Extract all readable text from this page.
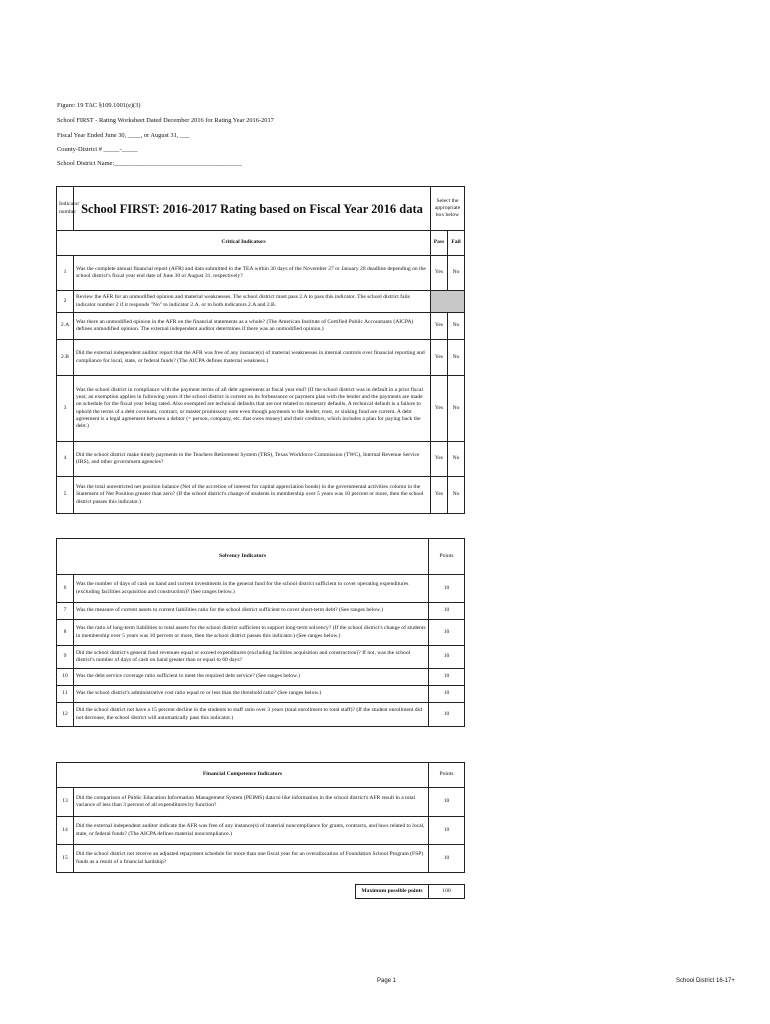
Figure: 19 TAC §109.1001(e)(3)
School FIRST - Rating Worksheet Dated December 2016 for Rating Year 2016-2017
Fiscal Year Ended June 30, ____, or August 31, ___
County-District # _____-_____
School District Name:________________________________________
Indicator number	School FIRST: 2016-2017 Rating based on Fiscal Year 2016 data	Select the appropriate box below	
Critical Indicators		Pass	Fail
1	Was the complete annual financial report (AFR) and data submitted to the TEA within 30 days of the November 27 or January 28 deadline depending on the school district's fiscal year end date of June 30 or August 31, respectively?	Yes	No
2	Review the AFR for an unmodified opinion and material weaknesses. The school district must pass 2.A to pass this indicator. The school district fails indicator number 2 if it responds "No" to indicator 2.A. or to both indicators 2.A and 2.B.		
2.A	Was there an unmodified opinion in the AFR on the financial statements as a whole? (The American Institute of Certified Public Accountants (AICPA) defines unmodified opinion. The external independent auditor determines if there was an unmodified opinion.)	Yes	No
2.B	Did the external independent auditor report that the AFR was free of any instance(s) of material weaknesses in internal controls over financial reporting and compliance for local, state, or federal funds? (The AICPA defines material weakness.)	Yes	No
3	Was the school district in compliance with the payment terms of all debt agreements at fiscal year end? (If the school district was in default in a prior fiscal year, an exemption applies in following years if the school district is current on its forbearance or payment plan with the lender and the payments are made on schedule for the fiscal year being rated. Also exempted are technical defaults that are not related to monetary defaults. A technical default is a failure to uphold the terms of a debt covenant, contract, or master promissory note even though payments to the lender, trust, or sinking fund are current. A debt agreement is a legal agreement between a debtor (= person, company, etc. that owes money) and their creditors, which includes a plan for paying back the debt.)	Yes	No
4	Did the school district make timely payments to the Teachers Retirement System (TRS), Texas Workforce Commission (TWC), Internal Revenue Service (IRS), and other government agencies?	Yes	No
5	Was the total unrestricted net position balance (Net of the accretion of interest for capital appreciation bonds) in the governmental activities column in the Statement of Net Position greater than zero? (If the school district's change of students in membership over 5 years was 10 percent or more, then the school district passes this indicator.)	Yes	No
Solvency Indicators		Points
6	Was the number of days of cash on hand and current investments in the general fund for the school district sufficient to cover operating expenditures (excluding facilities acquisition and construction)? (See ranges below.)	10
7	Was the measure of current assets to current liabilities ratio for the school district sufficient to cover short-term debt? (See ranges below.)	10
8	Was the ratio of long-term liabilities to total assets for the school district sufficient to support long-term solvency? (If the school district's change of students in membership over 5 years was 10 percent or more, then the school district passes this indicator.) (See ranges below.)	10
9	Did the school district's general fund revenues equal or exceed expenditures (excluding facilities acquisition and construction)? If not, was the school district's number of days of cash on hand greater than or equal to 60 days?	10
10	Was the debt service coverage ratio sufficient to meet the required debt service? (See ranges below.)	10
11	Was the school district's administrative cost ratio equal to or less than the threshold ratio? (See ranges below.)	10
12	Did the school district not have a 15 percent decline in the students to staff ratio over 3 years (total enrollment to total staff)? (If the student enrollment did not decrease, the school district will automatically pass this indicator.)	10
Financial Competence Indicators		Points
13	Did the comparison of Public Education Information Management System (PEIMS) data to like information in the school district's AFR result in a total variance of less than 3 percent of all expenditures by function?	10
14	Did the external independent auditor indicate the AFR was free of any instance(s) of material noncompliance for grants, contracts, and laws related to local, state, or federal funds? (The AICPA defines material noncompliance.)	10
15	Did the school district not receive an adjusted repayment schedule for more than one fiscal year for an overallocation of Foundation School Program (FSP) funds as a result of a financial hardship?	10
Maximum possible points	100
Page 1	School District 16-17+
